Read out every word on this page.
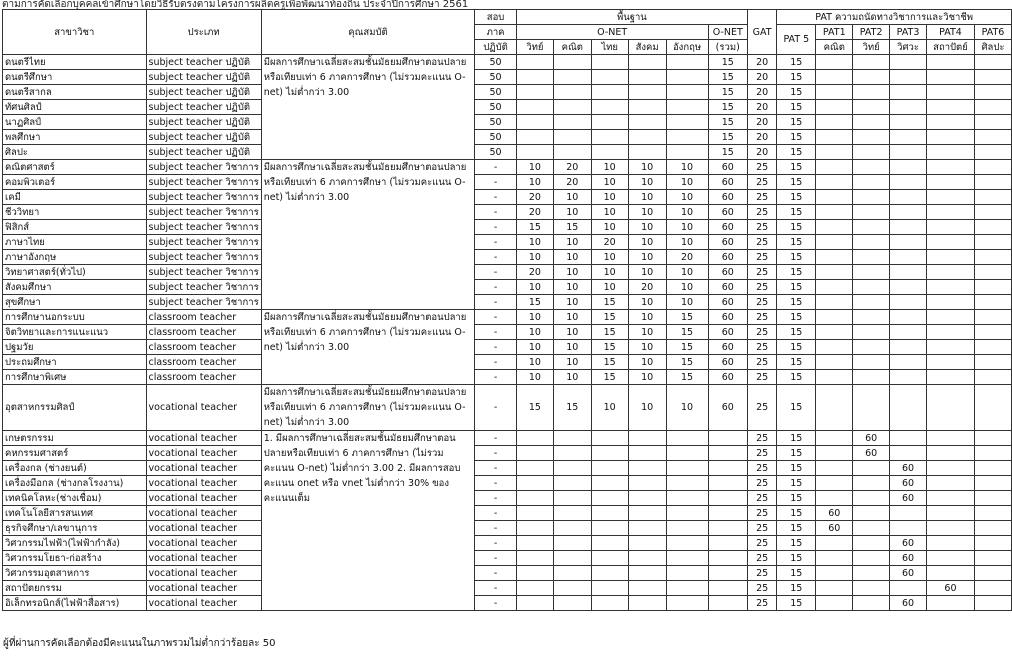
ตามการคัดเลือกบุคคลเข้าศึกษาโดยวิธีรับตรงตามโครงการผลิตครูเพื่อพัฒนาท้องถิ่น ประจำปีการศึกษา 2561
สาขาวิชา	ประเภท	คุณสมบัติ	สอบ	พื้นฐาน						GAT	PAT ความถนัดทางวิชาการและวิชาชีพ					
			ภาค	O-NET					O-NET		PAT 5	PAT1	PAT2	PAT3	PAT4	PAT6
			ปฏิบัติ	วิทย์	คณิต	ไทย	สังคม	อังกฤษ	(รวม)			คณิต	วิทย์	วิศวะ	สถาปัตย์	ศิลปะ
ดนตรีไทย	subject teacher ปฏิบัติ	มีผลการศึกษาเฉลี่ยสะสมชั้นมัธยมศึกษาตอนปลายหรือเทียบเท่า 6 ภาคการศึกษา (ไม่รวมคะแนน O-net) ไม่ต่ำกว่า 3.00	50						15	20	15					
ดนตรีศึกษา	subject teacher ปฏิบัติ		50						15	20	15					
ดนตรีสากล	subject teacher ปฏิบัติ		50						15	20	15					
ทัศนศิลป์	subject teacher ปฏิบัติ		50						15	20	15					
นาฏศิลป์	subject teacher ปฏิบัติ		50						15	20	15					
พลศึกษา	subject teacher ปฏิบัติ		50						15	20	15					
ศิลปะ	subject teacher ปฏิบัติ		50						15	20	15					
คณิตศาสตร์	subject teacher วิชาการ	มีผลการศึกษาเฉลี่ยสะสมชั้นมัธยมศึกษาตอนปลายหรือเทียบเท่า 6 ภาคการศึกษา (ไม่รวมคะแนน O-net) ไม่ต่ำกว่า 3.00	-	10	20	10	10	10	60	25	15					
คอมพิวเตอร์	subject teacher วิชาการ		-	10	20	10	10	10	60	25	15					
เคมี	subject teacher วิชาการ		-	20	10	10	10	10	60	25	15					
ชีววิทยา	subject teacher วิชาการ		-	20	10	10	10	10	60	25	15					
ฟิสิกส์	subject teacher วิชาการ		-	15	15	10	10	10	60	25	15					
ภาษาไทย	subject teacher วิชาการ		-	10	10	20	10	10	60	25	15					
ภาษาอังกฤษ	subject teacher วิชาการ		-	10	10	10	10	20	60	25	15					
วิทยาศาสตร์(ทั่วไป)	subject teacher วิชาการ		-	20	10	10	10	10	60	25	15					
สังคมศึกษา	subject teacher วิชาการ		-	10	10	10	20	10	60	25	15					
สุขศึกษา	subject teacher วิชาการ		-	15	10	15	10	10	60	25	15					
การศึกษานอกระบบ	classroom teacher	มีผลการศึกษาเฉลี่ยสะสมชั้นมัธยมศึกษาตอนปลายหรือเทียบเท่า 6 ภาคการศึกษา (ไม่รวมคะแนน O-net) ไม่ต่ำกว่า 3.00	-	10	10	15	10	15	60	25	15					
จิตวิทยาและการแนะแนว	classroom teacher		-	10	10	15	10	15	60	25	15					
ปฐมวัย	classroom teacher		-	10	10	15	10	15	60	25	15					
ประถมศึกษา	classroom teacher		-	10	10	15	10	15	60	25	15					
การศึกษาพิเศษ	classroom teacher		-	10	10	15	10	15	60	25	15					
อุตสาหกรรมศิลป์	vocational teacher	มีผลการศึกษาเฉลี่ยสะสมชั้นมัธยมศึกษาตอนปลายหรือเทียบเท่า 6 ภาคการศึกษา (ไม่รวมคะแนน O-net) ไม่ต่ำกว่า 3.00	-	15	15	10	10	10	60	25	15					
เกษตรกรรม	vocational teacher	1. มีผลการศึกษาเฉลี่ยสะสมชั้นมัธยมศึกษาตอนปลายหรือเทียบเท่า 6 ภาคการศึกษา (ไม่รวมคะแนน O-net) ไม่ต่ำกว่า 3.00 2. มีผลการสอบคะแนน onet หรือ vnet ไม่ต่ำกว่า 30% ของคะแนนเต็ม	-							25	15		60			
คหกรรมศาสตร์	vocational teacher		-							25	15		60			
เครื่องกล (ช่างยนต์)	vocational teacher		-							25	15			60		
เครื่องมือกล (ช่างกลโรงงาน)	vocational teacher		-							25	15			60		
เทคนิคโลหะ(ช่างเชื่อม)	vocational teacher		-							25	15			60		
เทคโนโลยีสารสนเทศ	vocational teacher		-							25	15	60				
ธุรกิจศึกษา/เลขานุการ	vocational teacher		-							25	15	60				
วิศวกรรมไฟฟ้า(ไฟฟ้ากำลัง)	vocational teacher		-							25	15			60		
วิศวกรรมโยธา-ก่อสร้าง	vocational teacher		-							25	15			60		
วิศวกรรมอุตสาหการ	vocational teacher		-							25	15			60		
สถาปัตยกรรม	vocational teacher		-							25	15				60	
อิเล็กทรอนิกส์(ไฟฟ้าสื่อสาร)	vocational teacher		-							25	15			60		
ผู้ที่ผ่านการคัดเลือกต้องมีคะแนนในภาพรวมไม่ต่ำกว่าร้อยละ 50
